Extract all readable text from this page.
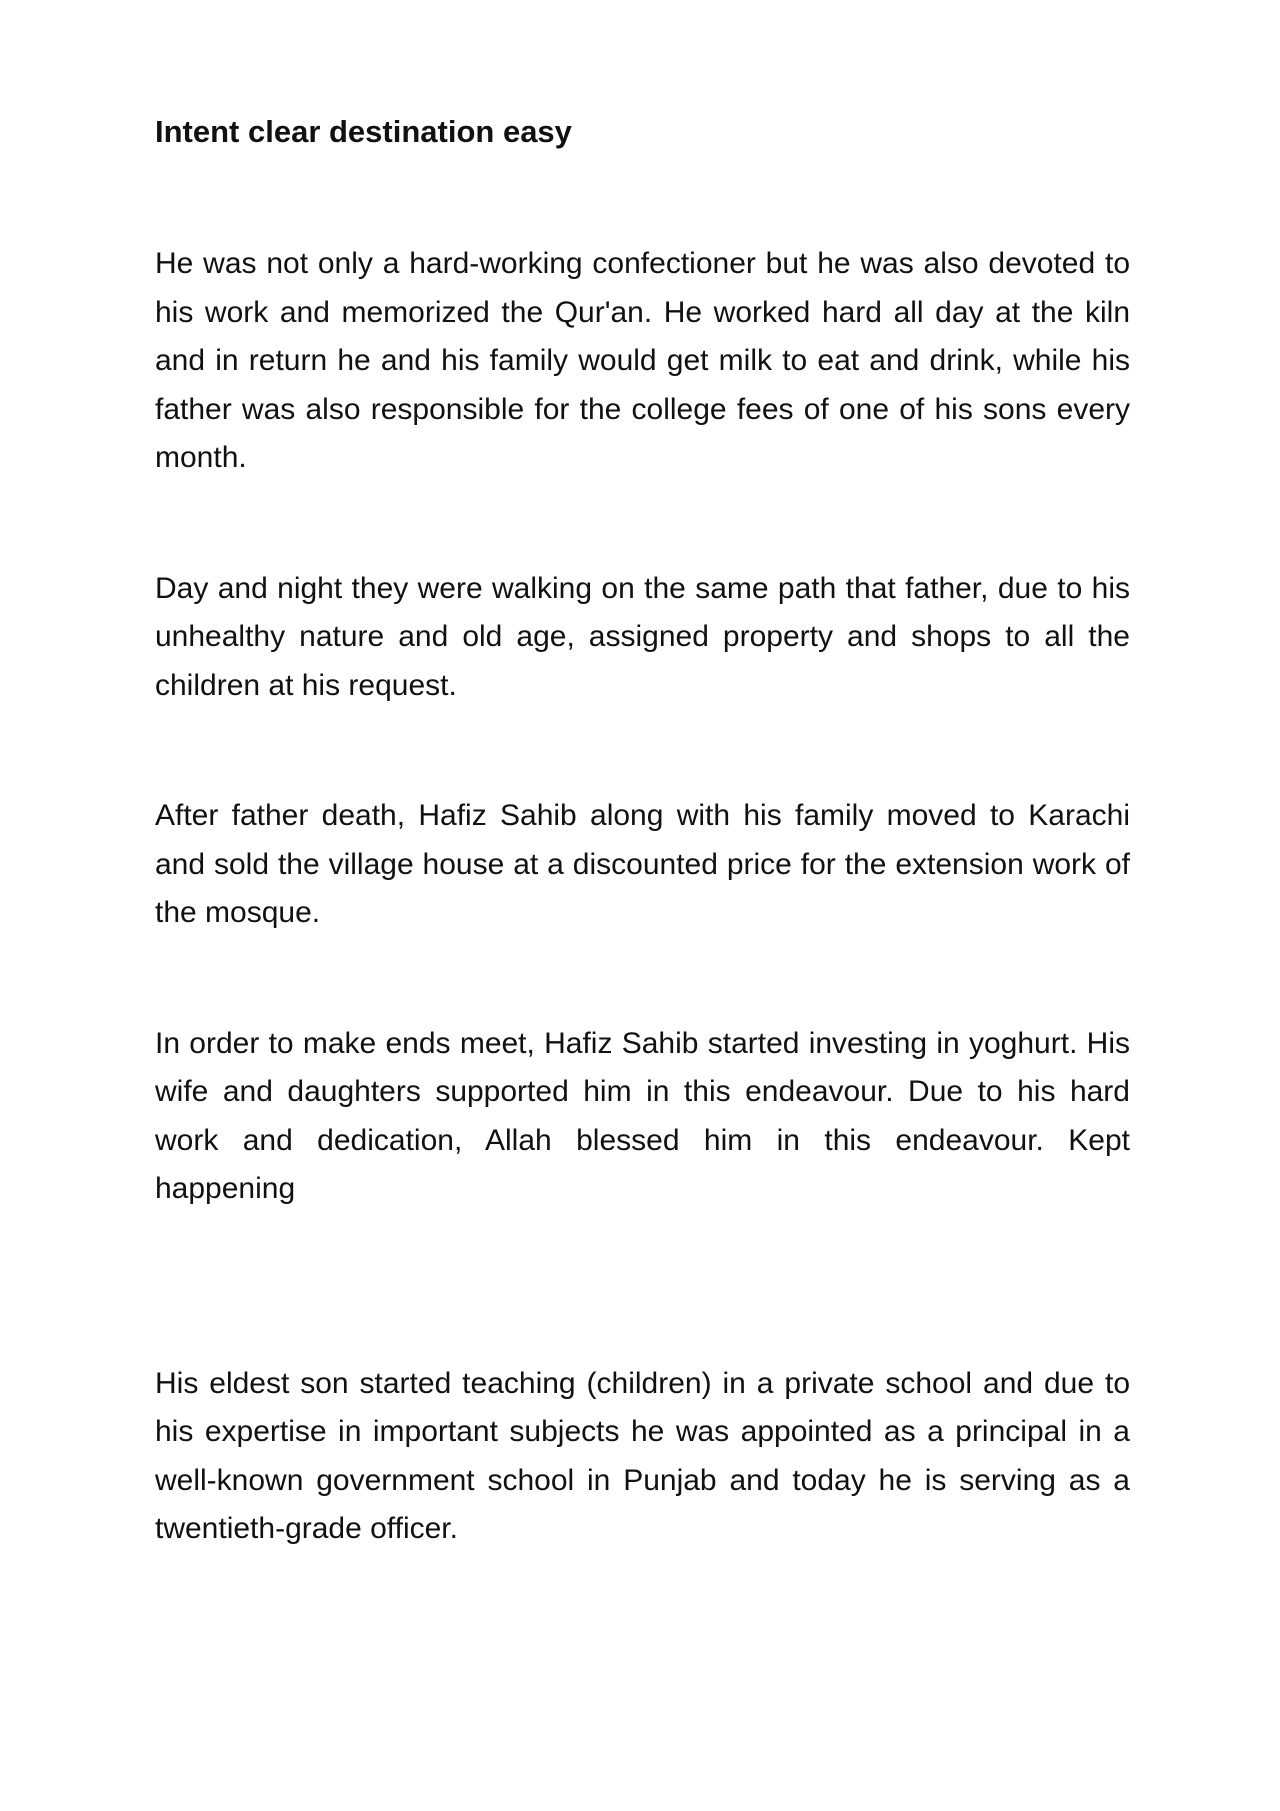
Intent clear destination easy

He was not only a hard-working confectioner but he was also devoted to his work and memorized the Qur'an. He worked hard all day at the kiln and in return he and his family would get milk to eat and drink, while his father was also responsible for the college fees of one of his sons every month.

Day and night they were walking on the same path that father, due to his unhealthy nature and old age, assigned property and shops to all the children at his request.

After father death, Hafiz Sahib along with his family moved to Karachi and sold the village house at a discounted price for the extension work of the mosque.

In order to make ends meet, Hafiz Sahib started investing in yoghurt. His wife and daughters supported him in this endeavour. Due to his hard work and dedication, Allah blessed him in this endeavour. Kept happening

His eldest son started teaching (children) in a private school and due to his expertise in important subjects he was appointed as a principal in a well-known government school in Punjab and today he is serving as a twentieth-grade officer.
